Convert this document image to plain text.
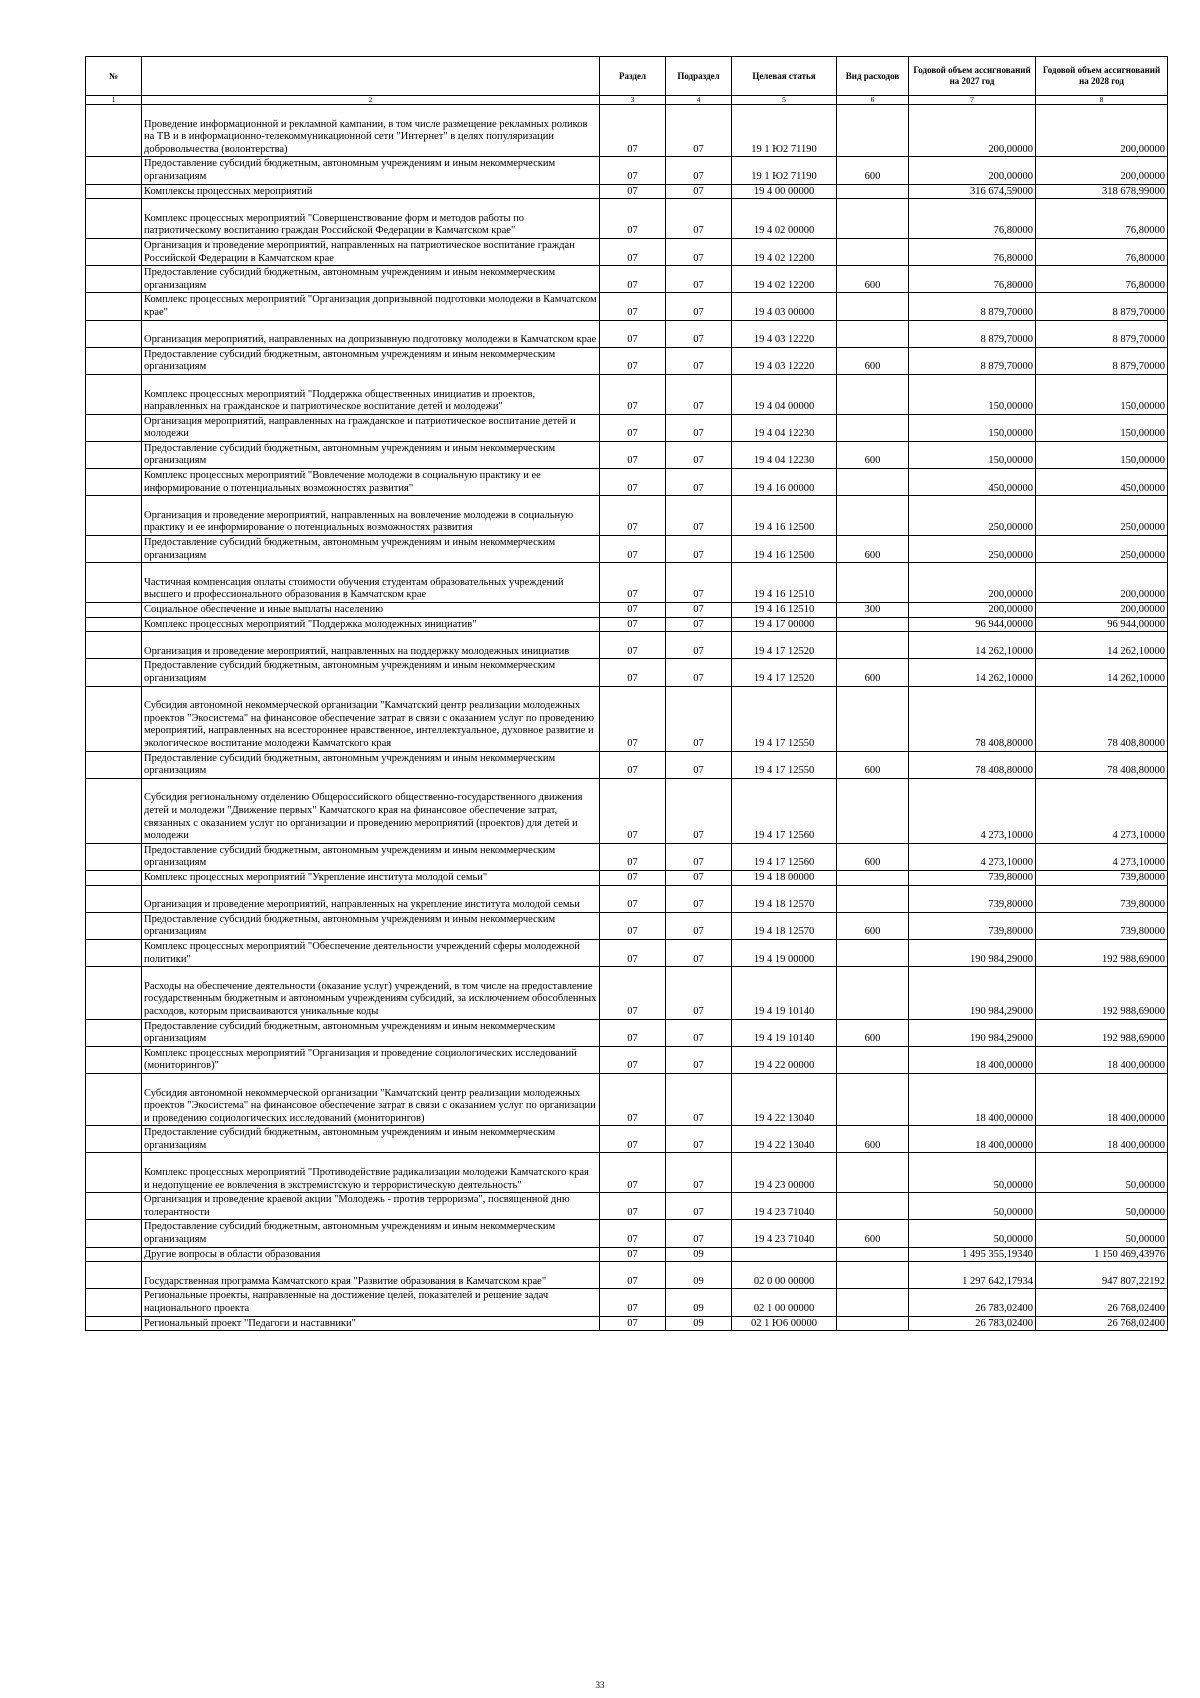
№		Раздел	Подраздел	Целевая статья	Вид расходов	Годовой объем ассигнований на 2027 год	Годовой объем ассигнований на 2028 год
1	2	3	4	5	6	7	8
	Проведение информационной и рекламной кампании, в том числе размещение рекламных роликов на ТВ и в информационно-телекоммуникационной сети "Интернет" в целях популяризации добровольчества (волонтерства)	07	07	19 1 Ю2 71190		200,00000	200,00000
	Предоставление субсидий бюджетным, автономным учреждениям и иным некоммерческим организациям	07	07	19 1 Ю2 71190	600	200,00000	200,00000
	Комплексы процессных мероприятий	07	07	19 4 00 00000		316 674,59000	318 678,99000
	Комплекс процессных мероприятий "Совершенствование форм и методов работы по патриотическому воспитанию граждан Российской Федерации в Камчатском крае"	07	07	19 4 02 00000		76,80000	76,80000
	Организация и проведение мероприятий, направленных на патриотическое воспитание граждан Российской Федерации в Камчатском крае	07	07	19 4 02 12200		76,80000	76,80000
	Предоставление субсидий бюджетным, автономным учреждениям и иным некоммерческим организациям	07	07	19 4 02 12200	600	76,80000	76,80000
	Комплекс процессных мероприятий "Организация допризывной подготовки молодежи в Камчатском крае"	07	07	19 4 03 00000		8 879,70000	8 879,70000
	Организация мероприятий, направленных на допризывную подготовку молодежи в Камчатском крае	07	07	19 4 03 12220		8 879,70000	8 879,70000
	Предоставление субсидий бюджетным, автономным учреждениям и иным некоммерческим организациям	07	07	19 4 03 12220	600	8 879,70000	8 879,70000
	Комплекс процессных мероприятий "Поддержка общественных инициатив и проектов, направленных на гражданское и патриотическое воспитание детей и молодежи"	07	07	19 4 04 00000		150,00000	150,00000
	Организация мероприятий, направленных на гражданское и патриотическое воспитание детей и молодежи	07	07	19 4 04 12230		150,00000	150,00000
	Предоставление субсидий бюджетным, автономным учреждениям и иным некоммерческим организациям	07	07	19 4 04 12230	600	150,00000	150,00000
	Комплекс процессных мероприятий "Вовлечение молодежи в социальную практику и ее информирование о потенциальных возможностях развития"	07	07	19 4 16 00000		450,00000	450,00000
	Организация и проведение мероприятий, направленных на вовлечение молодежи в социальную практику и ее информирование о потенциальных возможностях развития	07	07	19 4 16 12500		250,00000	250,00000
	Предоставление субсидий бюджетным, автономным учреждениям и иным некоммерческим организациям	07	07	19 4 16 12500	600	250,00000	250,00000
	Частичная компенсация оплаты стоимости обучения студентам образовательных учреждений высшего и профессионального образования в Камчатском крае	07	07	19 4 16 12510		200,00000	200,00000
	Социальное обеспечение и иные выплаты населению	07	07	19 4 16 12510	300	200,00000	200,00000
	Комплекс процессных мероприятий "Поддержка молодежных инициатив"	07	07	19 4 17 00000		96 944,00000	96 944,00000
	Организация и проведение мероприятий, направленных на поддержку молодежных инициатив	07	07	19 4 17 12520		14 262,10000	14 262,10000
	Предоставление субсидий бюджетным, автономным учреждениям и иным некоммерческим организациям	07	07	19 4 17 12520	600	14 262,10000	14 262,10000
	Субсидия автономной некоммерческой организации "Камчатский центр реализации молодежных проектов "Экосистема" на финансовое обеспечение затрат в связи с оказанием услуг по проведению мероприятий, направленных на всестороннее нравственное, интеллектуальное, духовное развитие и экологическое воспитание молодежи Камчатского края	07	07	19 4 17 12550		78 408,80000	78 408,80000
	Предоставление субсидий бюджетным, автономным учреждениям и иным некоммерческим организациям	07	07	19 4 17 12550	600	78 408,80000	78 408,80000
	Субсидия региональному отделению Общероссийского общественно-государственного движения детей и молодежи "Движение первых" Камчатского края на финансовое обеспечение затрат, связанных с оказанием услуг по организации и проведению мероприятий (проектов) для детей и молодежи	07	07	19 4 17 12560		4 273,10000	4 273,10000
	Предоставление субсидий бюджетным, автономным учреждениям и иным некоммерческим организациям	07	07	19 4 17 12560	600	4 273,10000	4 273,10000
	Комплекс процессных мероприятий "Укрепление института молодой семьи"	07	07	19 4 18 00000		739,80000	739,80000
	Организация и проведение мероприятий, направленных на укрепление института молодой семьи	07	07	19 4 18 12570		739,80000	739,80000
	Предоставление субсидий бюджетным, автономным учреждениям и иным некоммерческим организациям	07	07	19 4 18 12570	600	739,80000	739,80000
	Комплекс процессных мероприятий "Обеспечение деятельности учреждений сферы молодежной политики"	07	07	19 4 19 00000		190 984,29000	192 988,69000
	Расходы на обеспечение деятельности (оказание услуг) учреждений, в том числе на предоставление государственным бюджетным и автономным учреждениям субсидий, за исключением обособленных расходов, которым присваиваются уникальные коды	07	07	19 4 19 10140		190 984,29000	192 988,69000
	Предоставление субсидий бюджетным, автономным учреждениям и иным некоммерческим организациям	07	07	19 4 19 10140	600	190 984,29000	192 988,69000
	Комплекс процессных мероприятий "Организация и проведение социологических исследований (мониторингов)"	07	07	19 4 22 00000		18 400,00000	18 400,00000
	Субсидия автономной некоммерческой организации "Камчатский центр реализации молодежных проектов "Экосистема" на финансовое обеспечение затрат в связи с оказанием услуг по организации и проведению социологических исследований (мониторингов)	07	07	19 4 22 13040		18 400,00000	18 400,00000
	Предоставление субсидий бюджетным, автономным учреждениям и иным некоммерческим организациям	07	07	19 4 22 13040	600	18 400,00000	18 400,00000
	Комплекс процессных мероприятий "Противодействие радикализации молодежи Камчатского края и недопущение ее вовлечения в экстремистскую и террористическую деятельность"	07	07	19 4 23 00000		50,00000	50,00000
	Организация и проведение краевой акции "Молодежь - против терроризма", посвященной дню толерантности	07	07	19 4 23 71040		50,00000	50,00000
	Предоставление субсидий бюджетным, автономным учреждениям и иным некоммерческим организациям	07	07	19 4 23 71040	600	50,00000	50,00000
	Другие вопросы в области образования	07	09			1 495 355,19340	1 150 469,43976
	Государственная программа Камчатского края "Развитие образования в Камчатском крае"	07	09	02 0 00 00000		1 297 642,17934	947 807,22192
	Региональные проекты, направленные на достижение целей, показателей и решение задач национального проекта	07	09	02 1 00 00000		26 783,02400	26 768,02400
	Региональный проект "Педагоги и наставники"	07	09	02 1 Ю6 00000		26 783,02400	26 768,02400
33
